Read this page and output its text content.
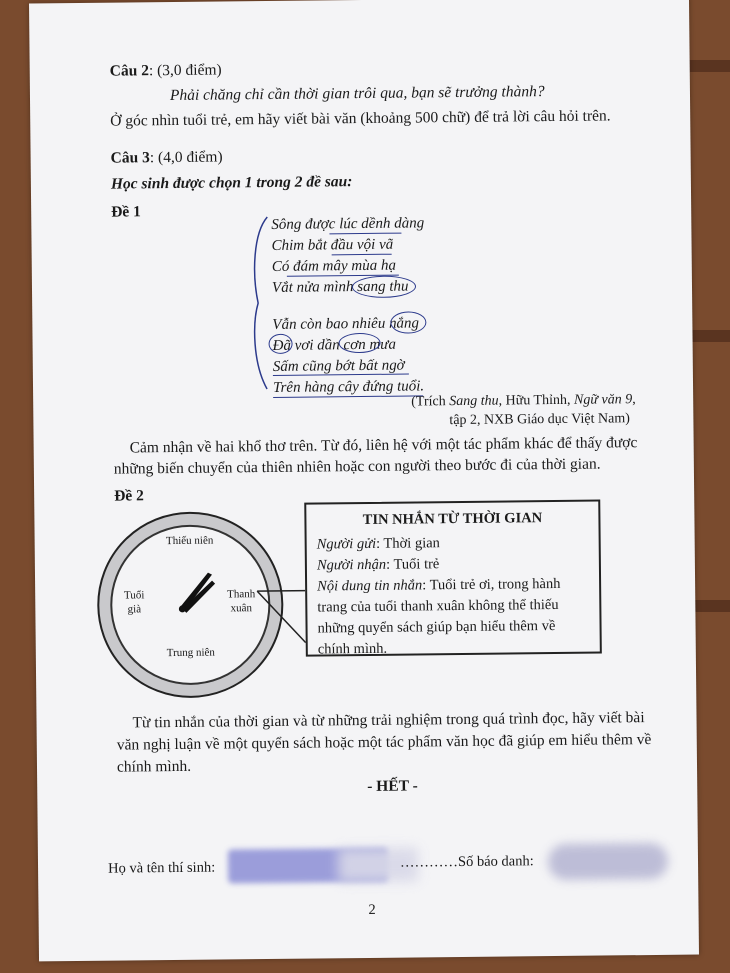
Câu 2: (3,0 điểm)
Phải chăng chỉ cần thời gian trôi qua, bạn sẽ trưởng thành?
Ở góc nhìn tuổi trẻ, em hãy viết bài văn (khoảng 500 chữ) để trả lời câu hỏi trên.
Câu 3: (4,0 điểm)
Học sinh được chọn 1 trong 2 đề sau:
Đề 1
Sông được lúc dềnh dàng
Chim bắt đầu vội vã
Có đám mây mùa hạ
Vắt nửa mình sang thu
Vẫn còn bao nhiêu nắng
Đã vơi dần cơn mưa
Sấm cũng bớt bất ngờ
Trên hàng cây đứng tuổi.
(Trích Sang thu, Hữu Thỉnh, Ngữ văn 9,
tập 2, NXB Giáo dục Việt Nam)
Cảm nhận về hai khổ thơ trên. Từ đó, liên hệ với một tác phẩm khác để thấy được
những biến chuyển của thiên nhiên hoặc con người theo bước đi của thời gian.
Đề 2
Thiếu niên
Thanh xuân
Trung niên
Tuổi già
TIN NHẮN TỪ THỜI GIAN
Người gửi: Thời gian
Người nhận: Tuổi trẻ
Nội dung tin nhắn: Tuổi trẻ ơi, trong hành
trang của tuổi thanh xuân không thể thiếu
những quyển sách giúp bạn hiểu thêm về
chính mình.
Từ tin nhắn của thời gian và từ những trải nghiệm trong quá trình đọc, hãy viết bài
văn nghị luận về một quyển sách hoặc một tác phẩm văn học đã giúp em hiểu thêm về
chính mình.
- HẾT -
Họ và tên thí sinh:	…………Số báo danh:
2
